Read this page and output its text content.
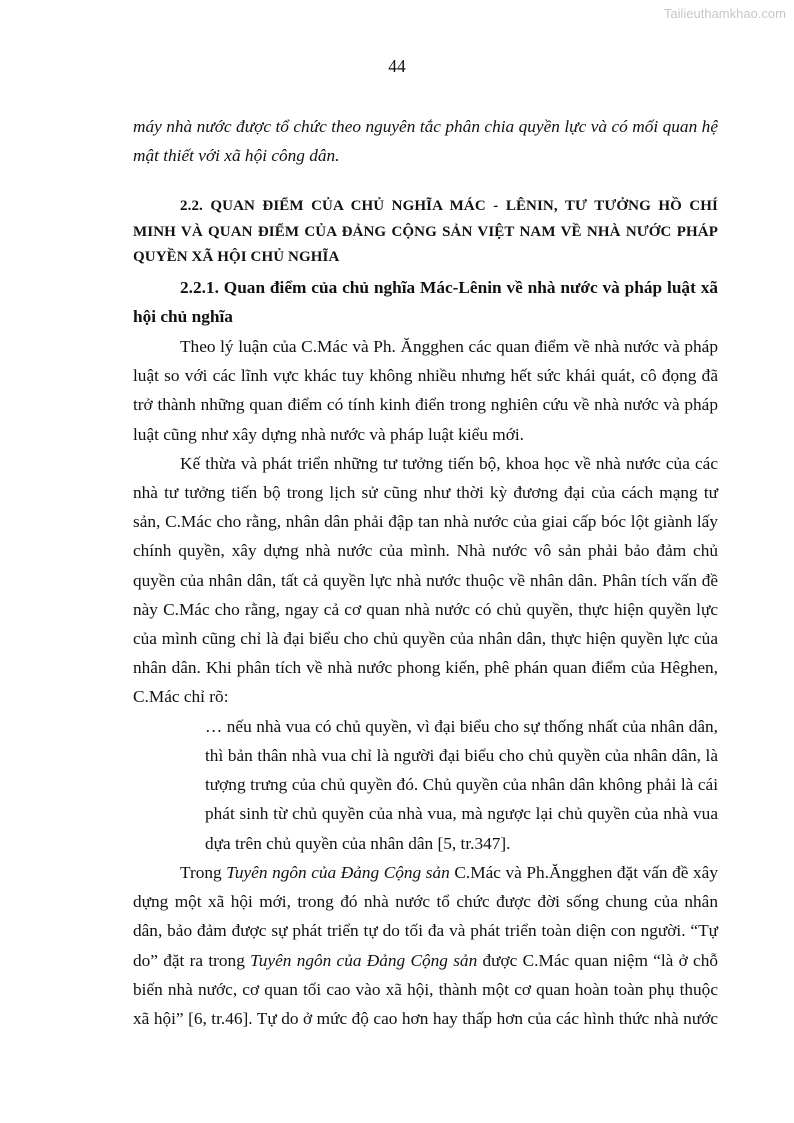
Tailieuthamkhao.com
44

máy nhà nước được tổ chức theo nguyên tắc phân chia quyền lực và có mối quan hệ mật thiết với xã hội công dân.

2.2. QUAN ĐIỂM CỦA CHỦ NGHĨA MÁC - LÊNIN, TƯ TƯỞNG HỒ CHÍ MINH VÀ QUAN ĐIỂM CỦA ĐẢNG CỘNG SẢN VIỆT NAM VỀ NHÀ NƯỚC PHÁP QUYỀN XÃ HỘI CHỦ NGHĨA

2.2.1. Quan điểm của chủ nghĩa Mác-Lênin về nhà nước và pháp luật xã hội chủ nghĩa

Theo lý luận của C.Mác và Ph. Ăngghen các quan điểm về nhà nước và pháp luật so với các lĩnh vực khác tuy không nhiều nhưng hết sức khái quát, cô đọng đã trở thành những quan điểm có tính kinh điển trong nghiên cứu về nhà nước và pháp luật cũng như xây dựng nhà nước và pháp luật kiểu mới.

Kế thừa và phát triển những tư tưởng tiến bộ, khoa học về nhà nước của các nhà tư tưởng tiến bộ trong lịch sử cũng như thời kỳ đương đại của cách mạng tư sản, C.Mác cho rằng, nhân dân phải đập tan nhà nước của giai cấp bóc lột giành lấy chính quyền, xây dựng nhà nước của mình. Nhà nước vô sản phải bảo đảm chủ quyền của nhân dân, tất cả quyền lực nhà nước thuộc về nhân dân. Phân tích vấn đề này C.Mác cho rằng, ngay cả cơ quan nhà nước có chủ quyền, thực hiện quyền lực của mình cũng chỉ là đại biểu cho chủ quyền của nhân dân, thực hiện quyền lực của nhân dân. Khi phân tích về nhà nước phong kiến, phê phán quan điểm của Hêghen, C.Mác chỉ rõ:

… nếu nhà vua có chủ quyền, vì đại biểu cho sự thống nhất của nhân dân, thì bản thân nhà vua chỉ là người đại biểu cho chủ quyền của nhân dân, là tượng trưng của chủ quyền đó. Chủ quyền của nhân dân không phải là cái phát sinh từ chủ quyền của nhà vua, mà ngược lại chủ quyền của nhà vua dựa trên chủ quyền của nhân dân [5, tr.347].

Trong Tuyên ngôn của Đảng Cộng sản C.Mác và Ph.Ăngghen đặt vấn đề xây dựng một xã hội mới, trong đó nhà nước tổ chức được đời sống chung của nhân dân, bảo đảm được sự phát triển tự do tối đa và phát triển toàn diện con người. “Tự do” đặt ra trong Tuyên ngôn của Đảng Cộng sản được C.Mác quan niệm “là ở chỗ biến nhà nước, cơ quan tối cao vào xã hội, thành một cơ quan hoàn toàn phụ thuộc xã hội” [6, tr.46]. Tự do ở mức độ cao hơn hay thấp hơn của các hình thức nhà nước
